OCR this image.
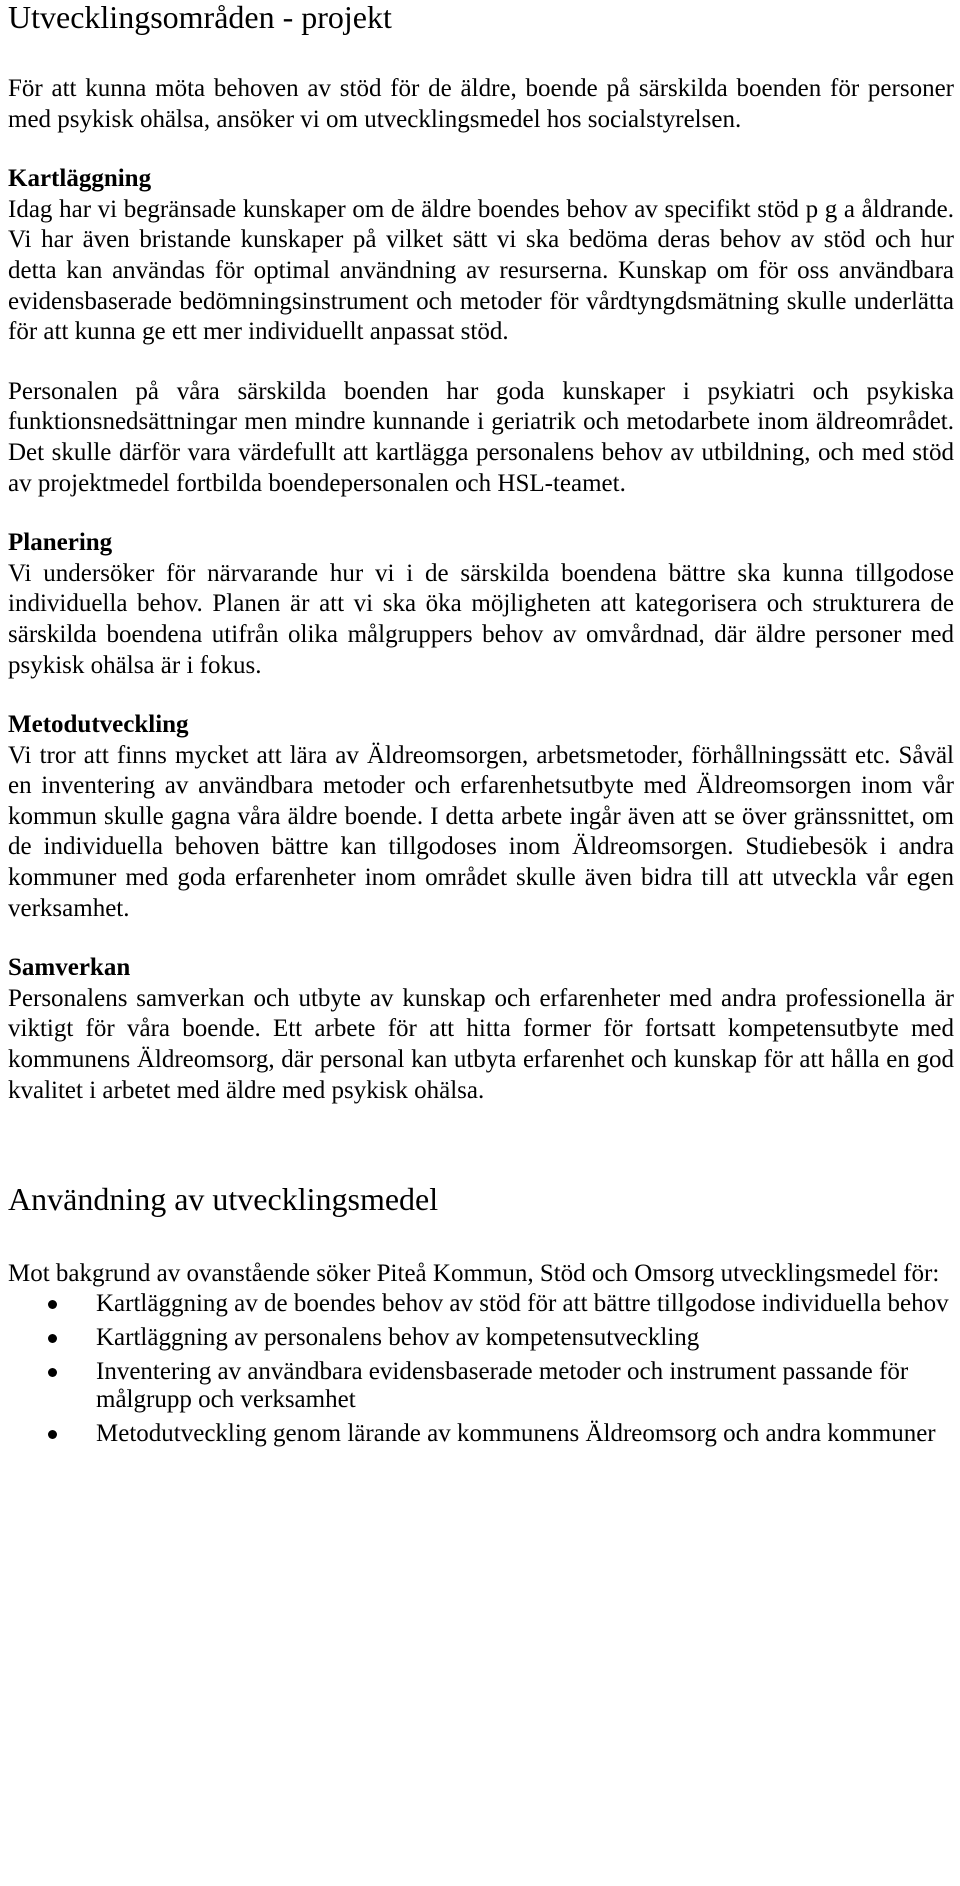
Utvecklingsområden - projekt

För att kunna möta behoven av stöd för de äldre, boende på särskilda boenden för personer med psykisk ohälsa, ansöker vi om utvecklingsmedel hos socialstyrelsen.

Kartläggning

Idag har vi begränsade kunskaper om de äldre boendes behov av specifikt stöd p g a åldrande. Vi har även bristande kunskaper på vilket sätt vi ska bedöma deras behov av stöd och hur detta kan användas för optimal användning av resurserna. Kunskap om för oss användbara evidensbaserade bedömningsinstrument och metoder för vårdtyngdsmätning skulle underlätta för att kunna ge ett mer individuellt anpassat stöd.

Personalen på våra särskilda boenden har goda kunskaper i psykiatri och psykiska funktionsnedsättningar men mindre kunnande i geriatrik och metodarbete inom äldreområdet. Det skulle därför vara värdefullt att kartlägga personalens behov av utbildning, och med stöd av projektmedel fortbilda boendepersonalen och HSL-teamet.

Planering

Vi undersöker för närvarande hur vi i de särskilda boendena bättre ska kunna tillgodose individuella behov. Planen är att vi ska öka möjligheten att kategorisera och strukturera de särskilda boendena utifrån olika målgruppers behov av omvårdnad, där äldre personer med psykisk ohälsa är i fokus.

Metodutveckling

Vi tror att finns mycket att lära av Äldreomsorgen, arbetsmetoder, förhållningssätt etc. Såväl en inventering av användbara metoder och erfarenhetsutbyte med Äldreomsorgen inom vår kommun skulle gagna våra äldre boende. I detta arbete ingår även att se över gränssnittet, om de individuella behoven bättre kan tillgodoses inom Äldreomsorgen. Studiebesök i andra kommuner med goda erfarenheter inom området skulle även bidra till att utveckla vår egen verksamhet.

Samverkan

Personalens samverkan och utbyte av kunskap och erfarenheter med andra professionella är viktigt för våra boende. Ett arbete för att hitta former för fortsatt kompetensutbyte med kommunens Äldreomsorg, där personal kan utbyta erfarenhet och kunskap för att hålla en god kvalitet i arbetet med äldre med psykisk ohälsa.

Användning av utvecklingsmedel

Mot bakgrund av ovanstående söker Piteå Kommun, Stöd och Omsorg utvecklingsmedel för:

Kartläggning av de boendes behov av stöd för att bättre tillgodose individuella behov
Kartläggning av personalens behov av kompetensutveckling
Inventering av användbara evidensbaserade metoder och instrument passande för målgrupp och verksamhet
Metodutveckling genom lärande av kommunens Äldreomsorg och andra kommuner
